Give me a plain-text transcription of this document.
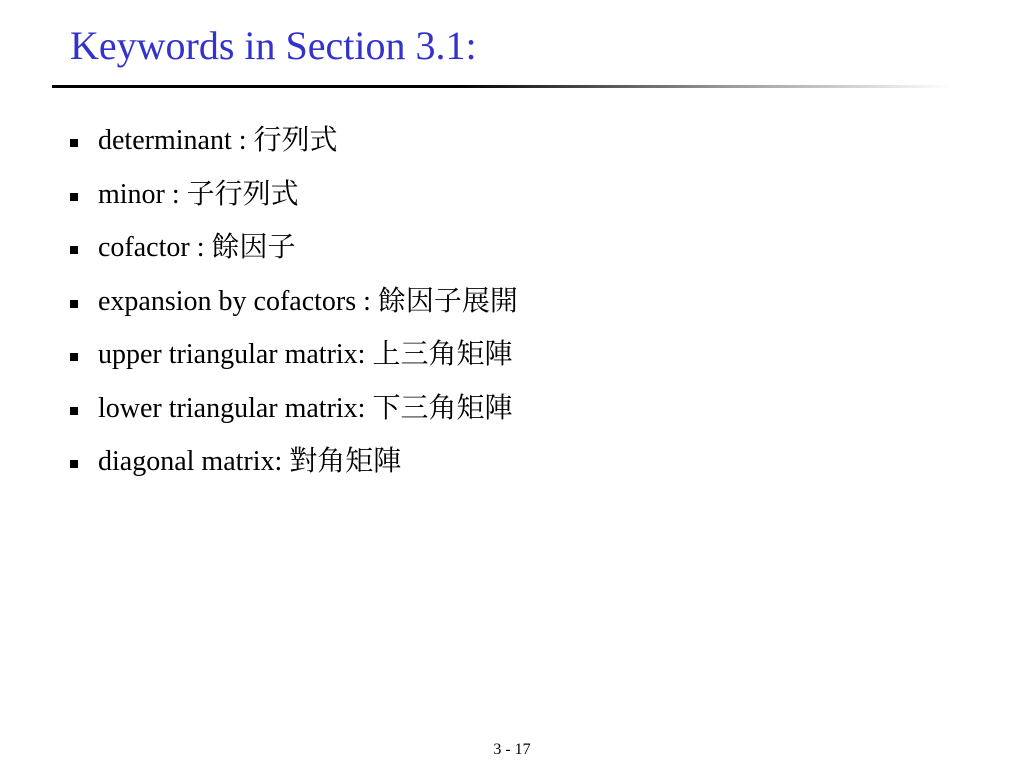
Keywords in Section 3.1:
determinant : 行列式
minor : 子行列式
cofactor : 餘因子
expansion by cofactors : 餘因子展開
upper triangular matrix: 上三角矩陣
lower triangular matrix: 下三角矩陣
diagonal matrix: 對角矩陣
3 - 17
